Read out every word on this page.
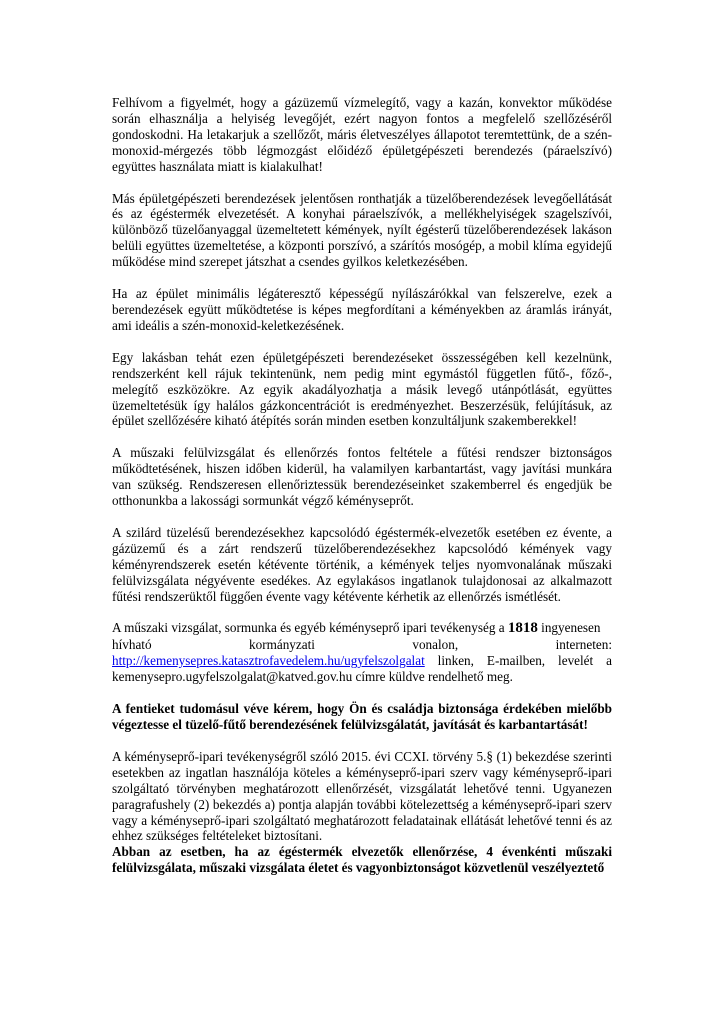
Felhívom a figyelmét, hogy a gázüzemű vízmelegítő, vagy a kazán, konvektor működése során elhasználja a helyiség levegőjét, ezért nagyon fontos a megfelelő szellőzéséről gondoskodni. Ha letakarjuk a szellőzőt, máris életveszélyes állapotot teremtettünk, de a szén-monoxid-mérgezés több légmozgást előidéző épületgépészeti berendezés (páraelszívó) együttes használata miatt is kialakulhat!

Más épületgépészeti berendezések jelentősen ronthatják a tüzelőberendezések levegőellátását és az égéstermék elvezetését. A konyhai páraelszívók, a mellékhelyiségek szagelszívói, különböző tüzelőanyaggal üzemeltetett kémények, nyílt égésterű tüzelőberendezések lakáson belüli együttes üzemeltetése, a központi porszívó, a szárítós mosógép, a mobil klíma egyidejű működése mind szerepet játszhat a csendes gyilkos keletkezésében.

Ha az épület minimális légáteresztő képességű nyílászárókkal van felszerelve, ezek a berendezések együtt működtetése is képes megfordítani a kéményekben az áramlás irányát, ami ideális a szén-monoxid-keletkezésének.

Egy lakásban tehát ezen épületgépészeti berendezéseket összességében kell kezelnünk, rendszerként kell rájuk tekintenünk, nem pedig mint egymástól független fűtő-, főző-, melegítő eszközökre. Az egyik akadályozhatja a másik levegő utánpótlását, együttes üzemeltetésük így halálos gázkoncentrációt is eredményezhet. Beszerzésük, felújításuk, az épület szellőzésére kiható átépítés során minden esetben konzultáljunk szakemberekkel!

A műszaki felülvizsgálat és ellenőrzés fontos feltétele a fűtési rendszer biztonságos működtetésének, hiszen időben kiderül, ha valamilyen karbantartást, vagy javítási munkára van szükség. Rendszeresen ellenőriztessük berendezéseinket szakemberrel és engedjük be otthonunkba a lakossági sormunkát végző kéményseprőt.

A szilárd tüzelésű berendezésekhez kapcsolódó égéstermék-elvezetők esetében ez évente, a gázüzemű és a zárt rendszerű tüzelőberendezésekhez kapcsolódó kémények vagy kéményrendszerek esetén kétévente történik, a kémények teljes nyomvonalának műszaki felülvizsgálata négyévente esedékes. Az egylakásos ingatlanok tulajdonosai az alkalmazott fűtési rendszerüktől függően évente vagy kétévente kérhetik az ellenőrzés ismétlését.

A műszaki vizsgálat, sormunka és egyéb kéményseprő ipari tevékenység a 1818 ingyenesen
hívható	kormányzati	vonalon,	interneten:
http://kemenysepres.katasztrofavedelem.hu/ugyfelszolgalat linken, E-mailben, levelét a kemenysepro.ugyfelszolgalat@katved.gov.hu címre küldve rendelhető meg.

A fentieket tudomásul véve kérem, hogy Ön és családja biztonsága érdekében mielőbb végeztesse el tüzelő-fűtő berendezésének felülvizsgálatát, javítását és karbantartását!

A kéményseprő-ipari tevékenységről szóló 2015. évi CCXI. törvény 5.§ (1) bekezdése szerinti esetekben az ingatlan használója köteles a kéményseprő-ipari szerv vagy kéményseprő-ipari szolgáltató törvényben meghatározott ellenőrzését, vizsgálatát lehetővé tenni. Ugyanezen paragrafushely (2) bekezdés a) pontja alapján további kötelezettség a kéményseprő-ipari szerv vagy a kéményseprő-ipari szolgáltató meghatározott feladatainak ellátását lehetővé tenni és az ehhez szükséges feltételeket biztosítani.

Abban az esetben, ha az égéstermék elvezetők ellenőrzése, 4 évenkénti műszaki felülvizsgálata, műszaki vizsgálata életet és vagyonbiztonságot közvetlenül veszélyeztető
